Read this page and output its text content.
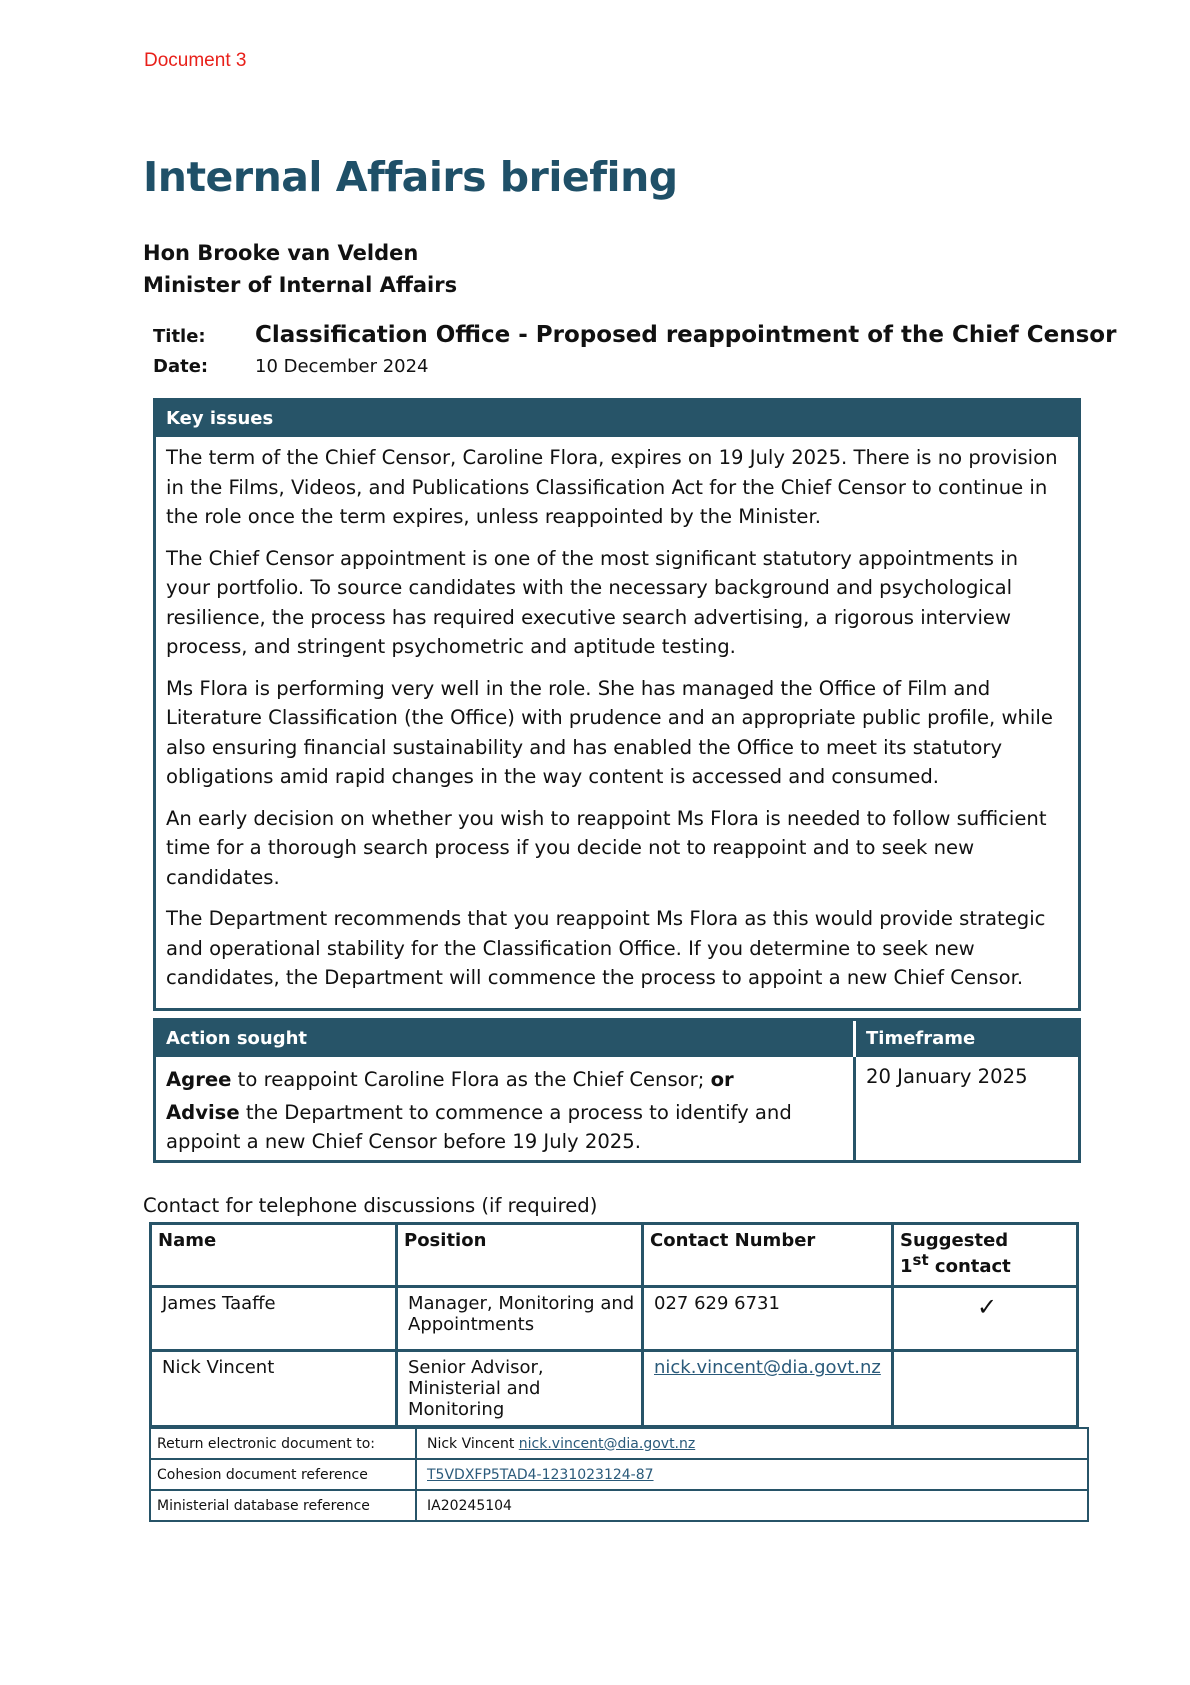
Document 3
Internal Affairs briefing
Hon Brooke van Velden
Minister of Internal Affairs
Title:	Classification Office - Proposed reappointment of the Chief Censor
Date:	10 December 2024
Key issues

The term of the Chief Censor, Caroline Flora, expires on 19 July 2025. There is no provision in the Films, Videos, and Publications Classification Act for the Chief Censor to continue in the role once the term expires, unless reappointed by the Minister.

The Chief Censor appointment is one of the most significant statutory appointments in your portfolio. To source candidates with the necessary background and psychological resilience, the process has required executive search advertising, a rigorous interview process, and stringent psychometric and aptitude testing.

Ms Flora is performing very well in the role. She has managed the Office of Film and Literature Classification (the Office) with prudence and an appropriate public profile, while also ensuring financial sustainability and has enabled the Office to meet its statutory obligations amid rapid changes in the way content is accessed and consumed.

An early decision on whether you wish to reappoint Ms Flora is needed to follow sufficient time for a thorough search process if you decide not to reappoint and to seek new candidates.

The Department recommends that you reappoint Ms Flora as this would provide strategic and operational stability for the Classification Office. If you determine to seek new candidates, the Department will commence the process to appoint a new Chief Censor.

Action sought	Timeframe

Agree to reappoint Caroline Flora as the Chief Censor; or

Advise the Department to commence a process to identify and appoint a new Chief Censor before 19 July 2025.

20 January 2025
Contact for telephone discussions (if required)
Name	Position	Contact Number	Suggested
1st contact
James Taaffe	Manager, Monitoring and Appointments	027 629 6731	✓
Nick Vincent	Senior Advisor, Ministerial and Monitoring	nick.vincent@dia.govt.nz	
Return electronic document to:	Nick Vincent nick.vincent@dia.govt.nz
Cohesion document reference	T5VDXFP5TAD4-1231023124-87
Ministerial database reference	IA20245104
